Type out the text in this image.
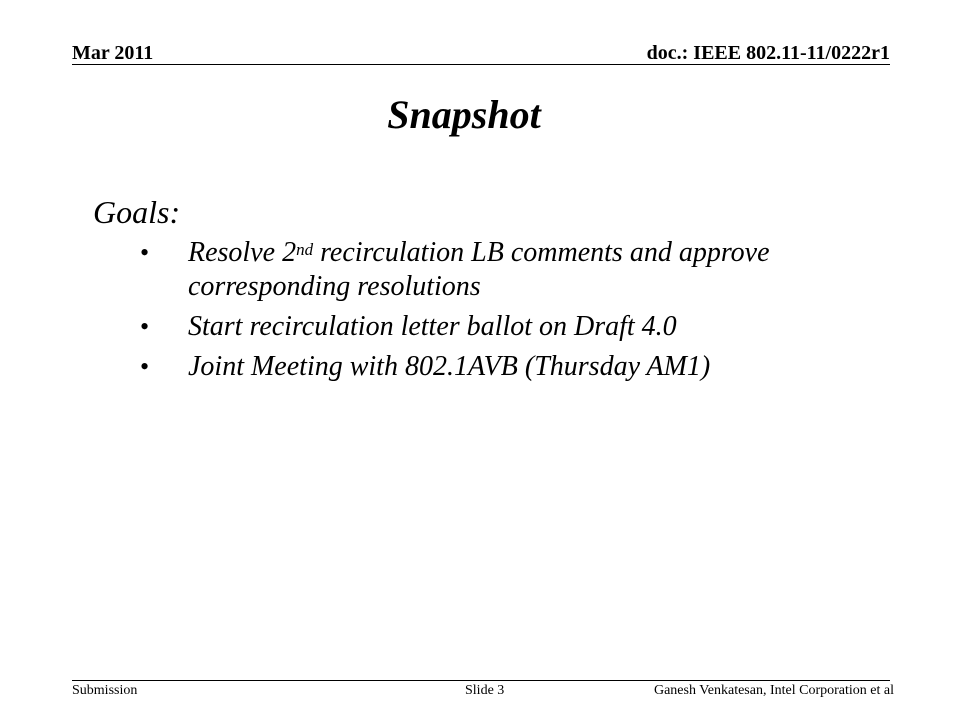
Mar 2011	doc.: IEEE 802.11-11/0222r1
Snapshot
Goals:
• Resolve 2nd recirculation LB comments and approve corresponding resolutions
• Start recirculation letter ballot on Draft 4.0
• Joint Meeting with 802.1AVB (Thursday AM1)
Submission	Slide 3	Ganesh Venkatesan, Intel Corporation et al
